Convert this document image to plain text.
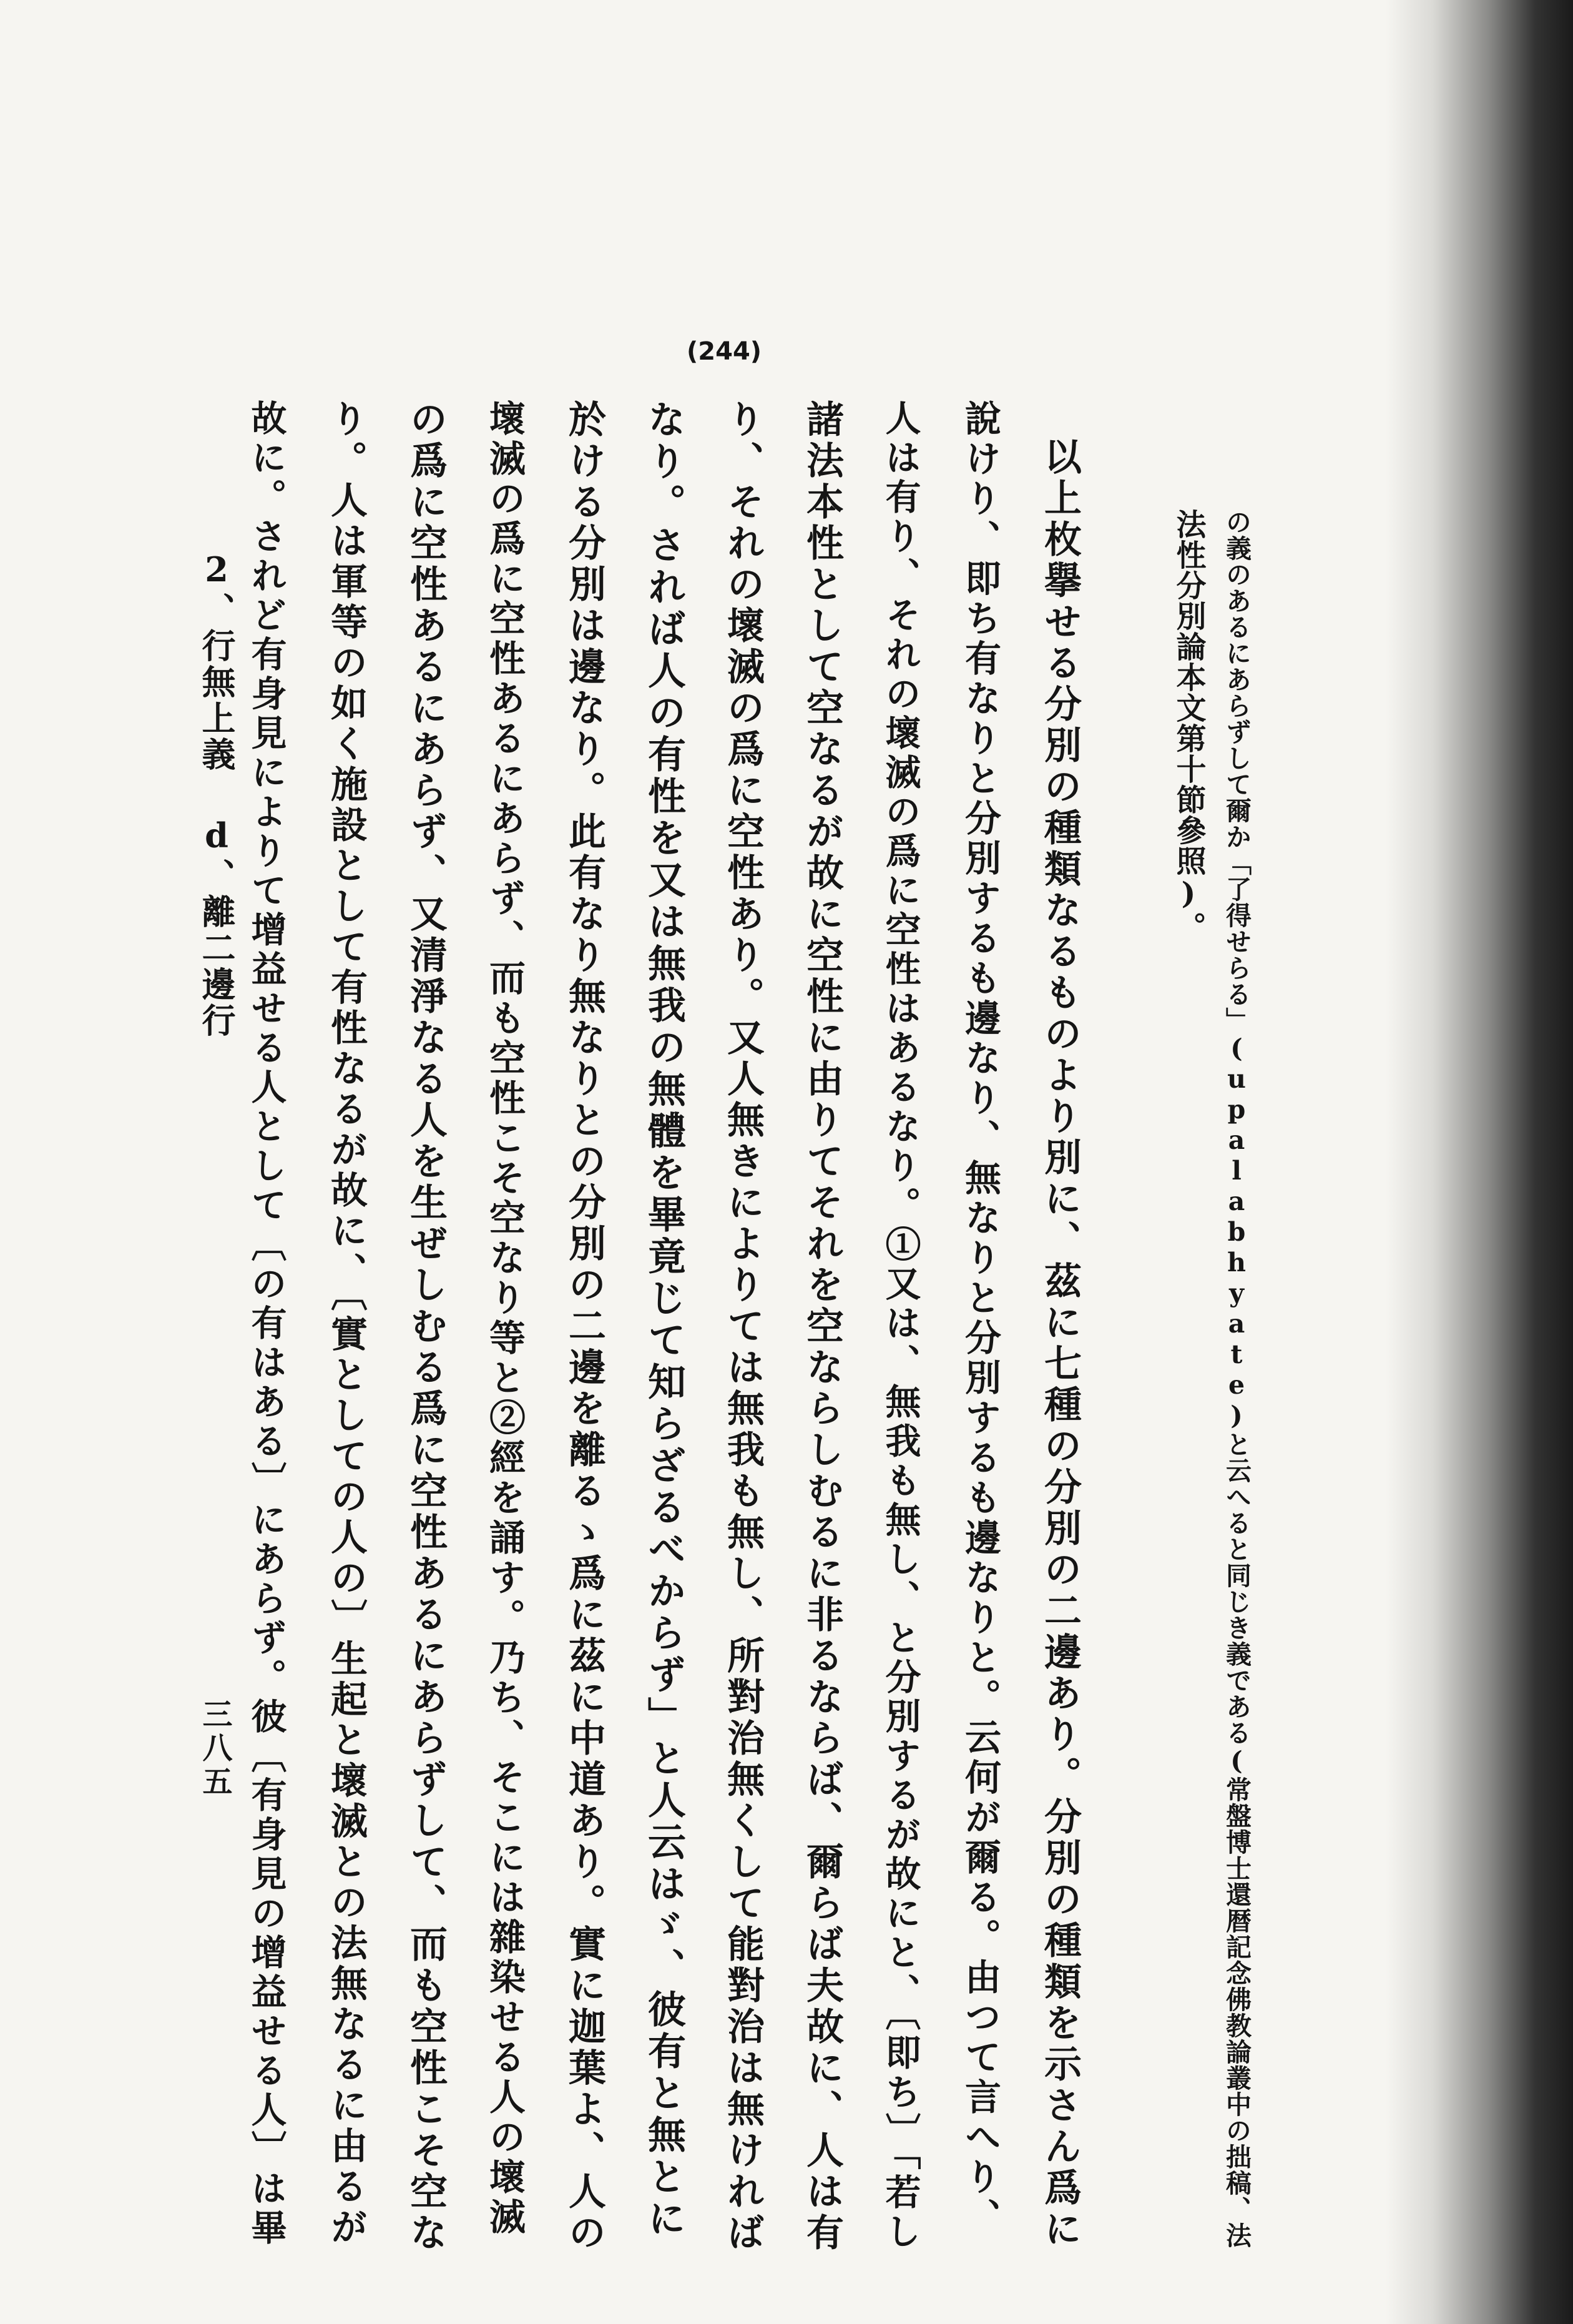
(244)
の義のあるにあらずして爾か「了得せらる」(upalabhyate)と云へると同じき義である(常盤博士還暦記念佛教論叢中の拙稿、法
法性分別論本文第十節參照)。
以上枚擧せる分別の種類なるものより別に、茲に七種の分別の二邊あり。分別の種類を示さん爲に
說けり、即ち有なりと分別するも邊なり、無なりと分別するも邊なりと。云何が爾る。由つて言へり、
人は有り、それの壞滅の爲に空性はあるなり。①又は、無我も無し、と分別するが故にと、〔即ち〕「若し
諸法本性として空なるが故に空性に由りてそれを空ならしむるに非るならば、爾らば夫故に、人は有
り、それの壞滅の爲に空性あり。又人無きによりては無我も無し、所對治無くして能對治は無ければ
なり。されば人の有性を又は無我の無體を畢竟じて知らざるべからず」と人云はゞ、彼有と無とに
於ける分別は邊なり。此有なり無なりとの分別の二邊を離るゝ爲に茲に中道あり。實に迦葉よ、人の
壞滅の爲に空性あるにあらず、而も空性こそ空なり等と②經を誦す。乃ち、そこには雜染せる人の壞滅
の爲に空性あるにあらず、又清淨なる人を生ぜしむる爲に空性あるにあらずして、而も空性こそ空な
り。人は軍等の如く施設として有性なるが故に、〔實としての人の〕生起と壞滅との法無なるに由るが
故に。されど有身見によりて增益せる人として〔の有はある〕にあらず。彼〔有身見の增益せる人〕は畢
2、行無上義 d、離二邊行
三八五
